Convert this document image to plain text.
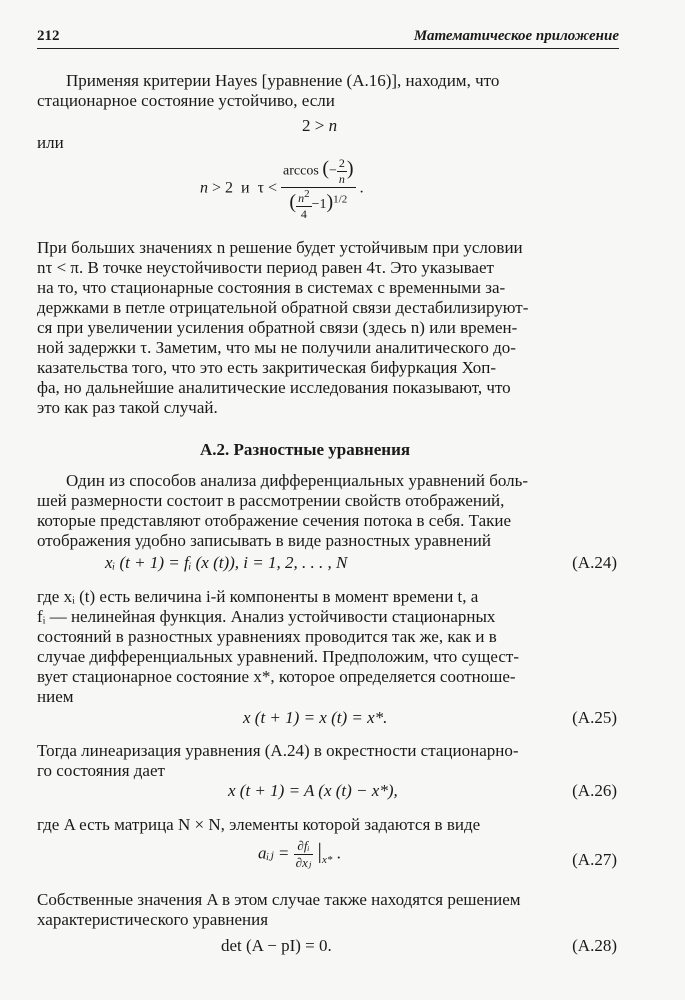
212	Математическое приложение
Применяя критерии Hayes [уравнение (A.16)], находим, что
стационарное состояние устойчиво, если
2 > n
или
n > 2 и $\tau < \frac{\arccos (- \frac{2}{n} )}{( \frac{n^2}{4} -1)^{1/2}}$ .
При больших значениях n решение будет устойчивым при условии
nτ < π. В точке неустойчивости период равен 4τ. Это указывает
на то, что стационарные состояния в системах с временными за-
держками в петле отрицательной обратной связи дестабилизируют-
ся при увеличении усиления обратной связи (здесь n) или времен-
ной задержки τ. Заметим, что мы не получили аналитического до-
казательства того, что это есть закритическая бифуркация Хоп-
фа, но дальнейшие аналитические исследования показывают, что
это как раз такой случай.
А.2. Разностные уравнения
Один из способов анализа дифференциальных уравнений боль-
шей размерности состоит в рассмотрении свойств отображений,
которые представляют отображение сечения потока в себя. Такие
отображения удобно записывать в виде разностных уравнений
xᵢ (t + 1) = fᵢ (x (t)), i = 1, 2, . . . , N	(A.24)
где xᵢ (t) есть величина i-й компоненты в момент времени t, а
fᵢ — нелинейная функция. Анализ устойчивости стационарных
состояний в разностных уравнениях проводится так же, как и в
случае дифференциальных уравнений. Предположим, что сущест-
вует стационарное состояние x*, которое определяется соотноше-
нием
x (t + 1) = x (t) = x*.	(A.25)
Тогда линеаризация уравнения (A.24) в окрестности стационарно-
го состояния дает
x (t + 1) = A (x (t) − x*),	(A.26)
где A есть матрица N × N, элементы которой задаются в виде
aᵢⱼ = $\frac{\text{∂fᵢ}}{\text{∂xⱼ}} |_{x*}$ .	(A.27)
Собственные значения A в этом случае также находятся решением
характеристического уравнения
det (A − pI) = 0.	(A.28)
